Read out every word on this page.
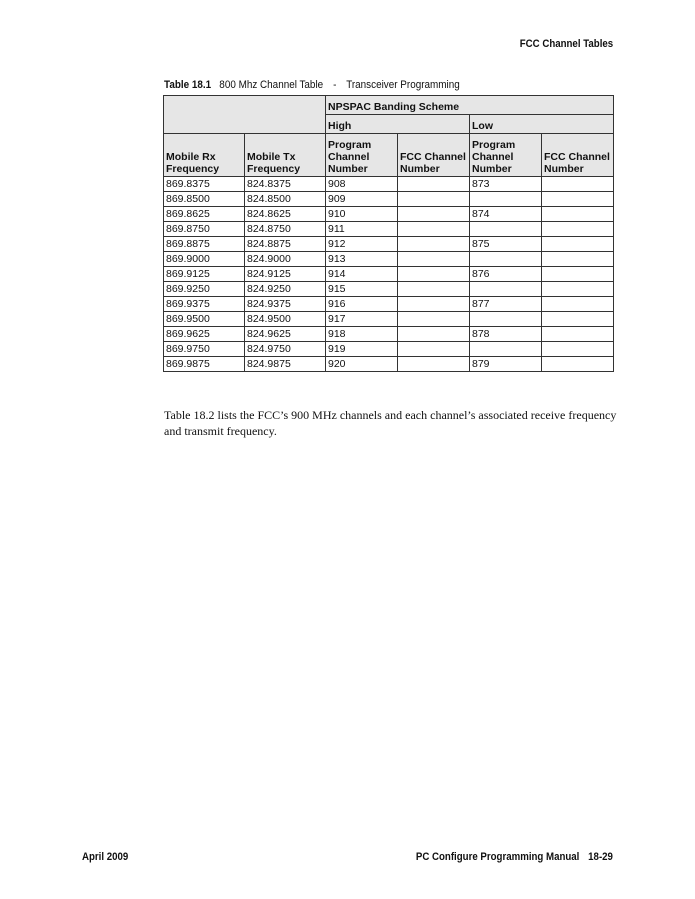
FCC Channel Tables
Table 18.1 800 Mhz Channel Table - Transceiver Programming
		NPSPAC Banding Scheme			
		High		Low	
Mobile Rx Frequency	Mobile Tx Frequency	Program Channel Number	FCC Channel Number	Program Channel Number	FCC Channel Number
869.8375	824.8375	908		873	
869.8500	824.8500	909			
869.8625	824.8625	910		874	
869.8750	824.8750	911			
869.8875	824.8875	912		875	
869.9000	824.9000	913			
869.9125	824.9125	914		876	
869.9250	824.9250	915			
869.9375	824.9375	916		877	
869.9500	824.9500	917			
869.9625	824.9625	918		878	
869.9750	824.9750	919			
869.9875	824.9875	920		879	
Table 18.2 lists the FCC’s 900 MHz channels and each channel’s associated receive frequency and transmit frequency.
April 2009	PC Configure Programming Manual 18-29
